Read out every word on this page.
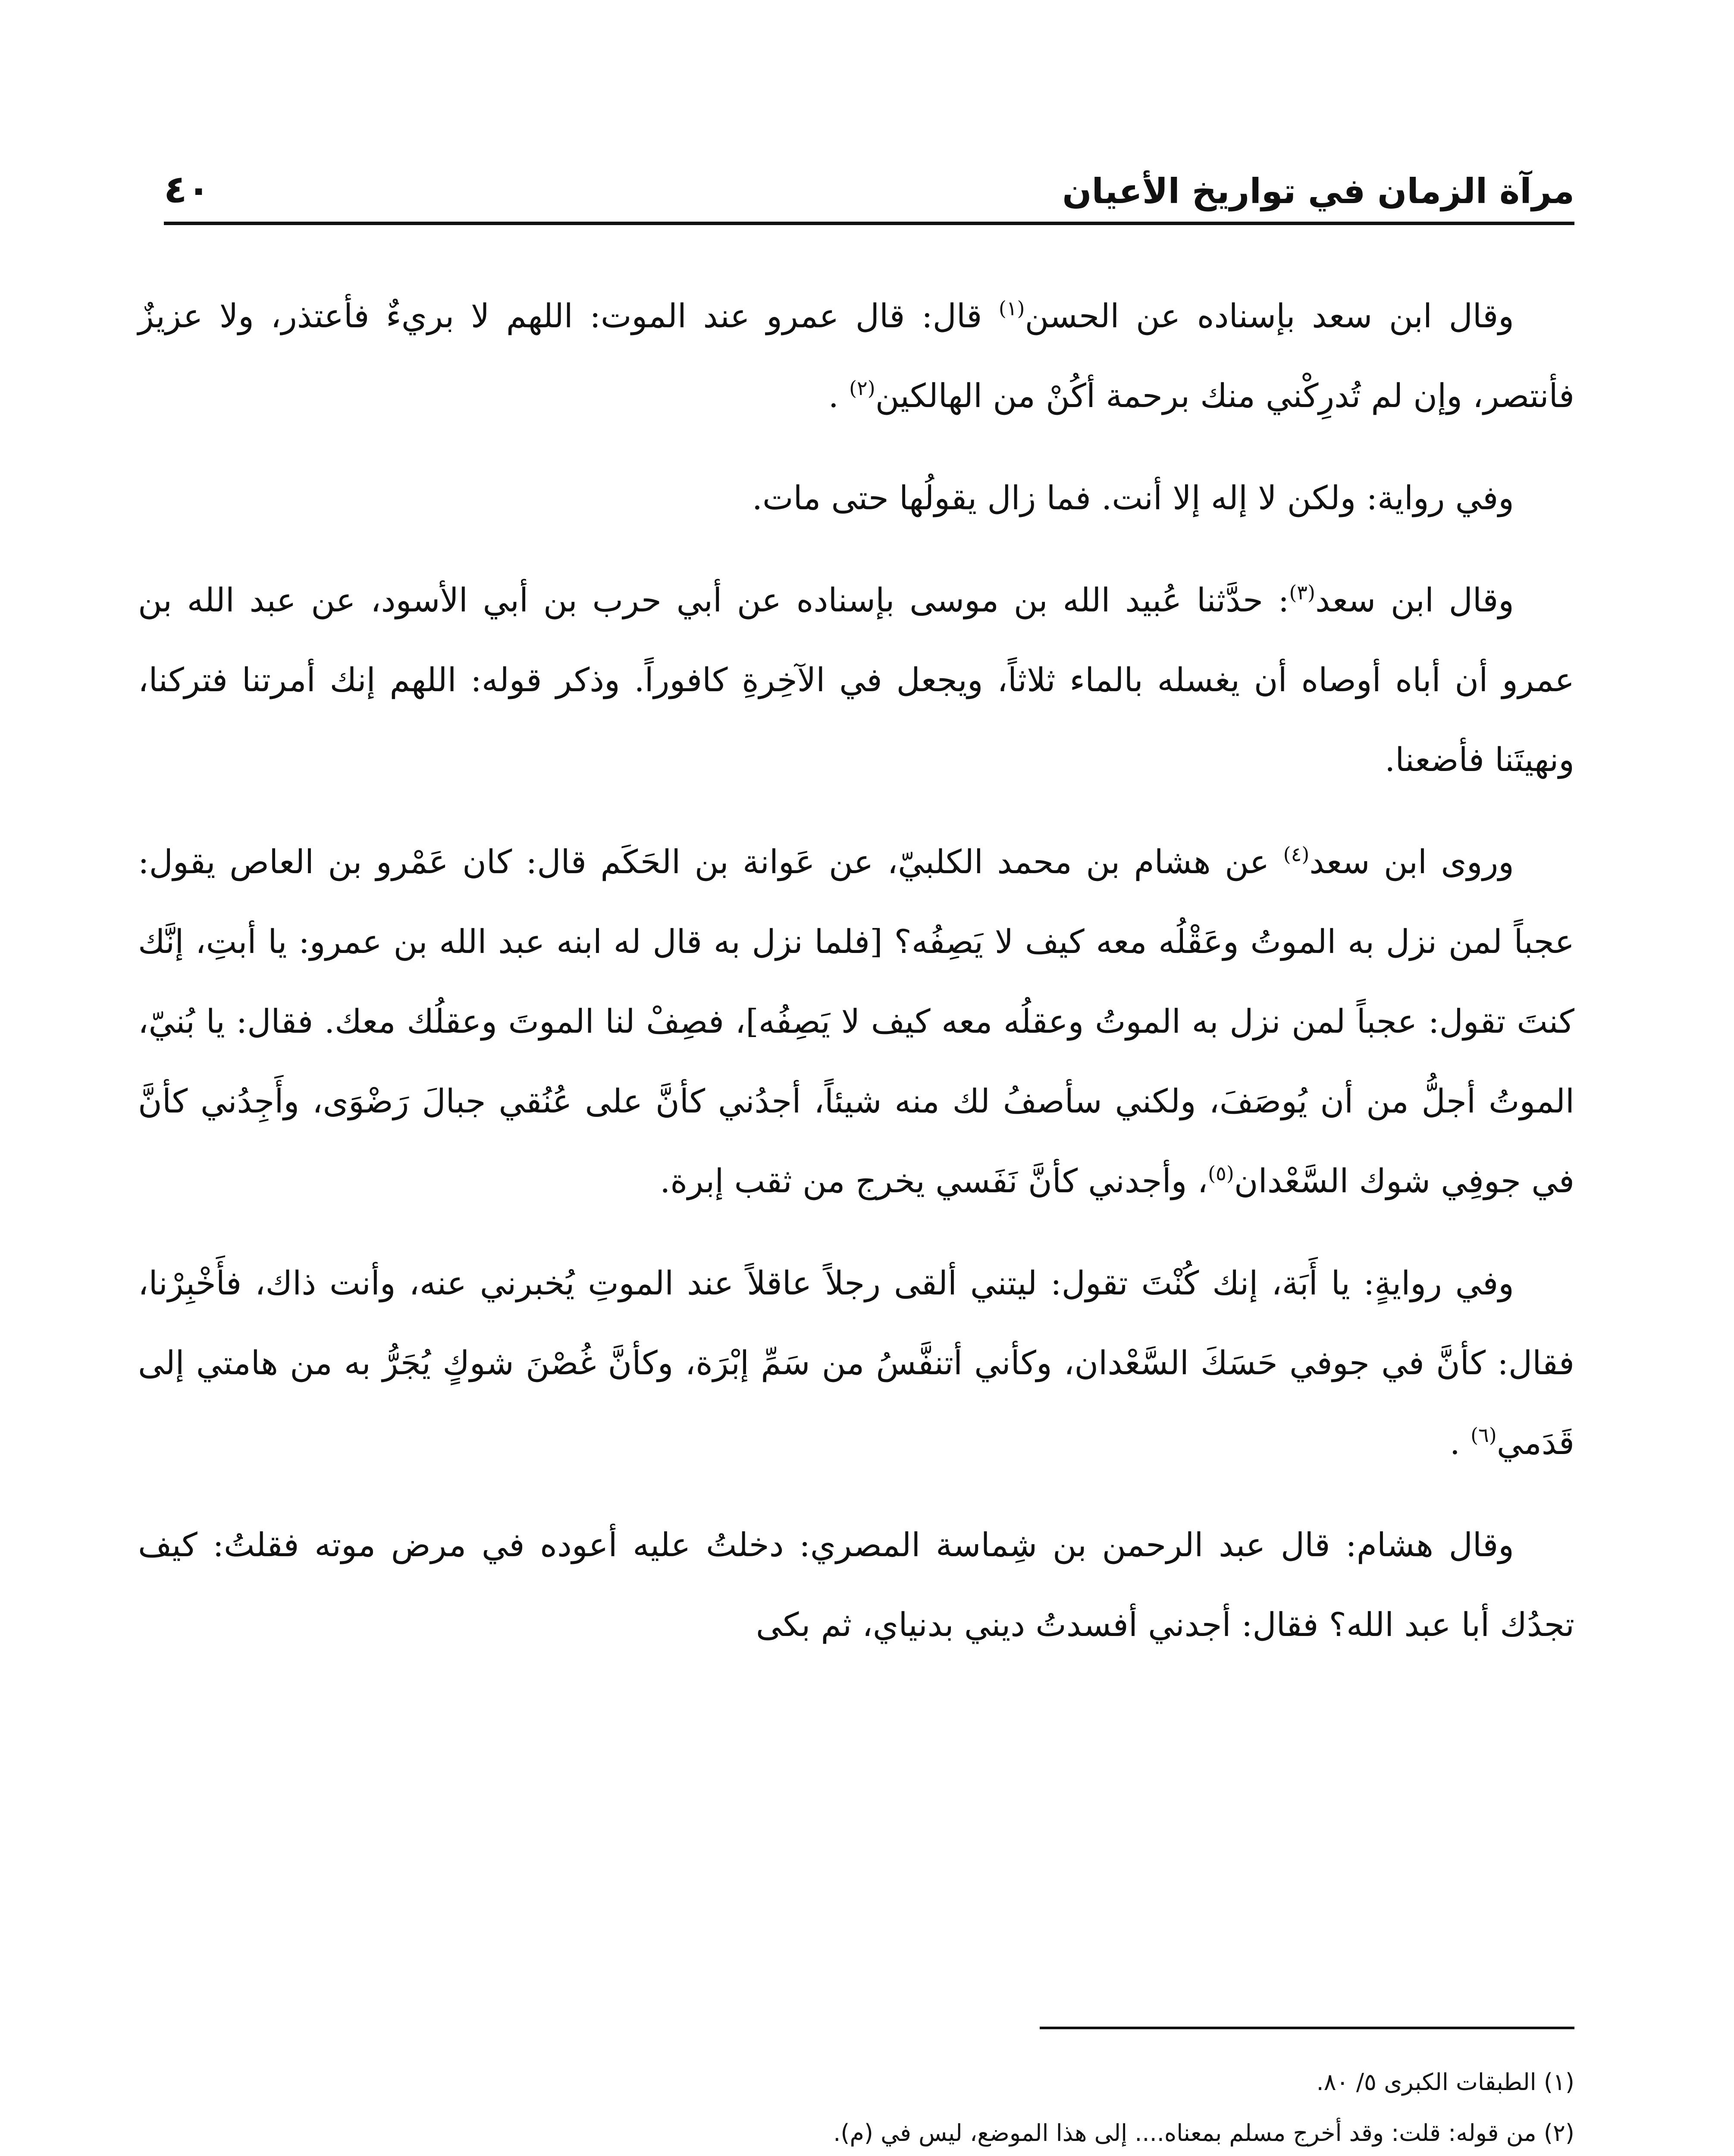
مرآة الزمان في تواريخ الأعيان
٤٠

وقال ابن سعد بإسناده عن الحسن$^{(١)}$ قال: قال عمرو عند الموت: اللهم لا بريءٌ فأعتذر، ولا عزيزٌ فأنتصر، وإن لم تُدرِكْني منك برحمة أكُنْ من الهالكين$^{(٢)}$ .

وفي رواية: ولكن لا إله إلا أنت. فما زال يقولُها حتى مات.

وقال ابن سعد$^{(٣)}$: حدَّثنا عُبيد الله بن موسى بإسناده عن أبي حرب بن أبي الأسود، عن عبد الله بن عمرو أن أباه أوصاه أن يغسله بالماء ثلاثاً، ويجعل في الآخِرةِ كافوراً. وذكر قوله: اللهم إنك أمرتنا فتركنا، ونهيتَنا فأضعنا.

وروى ابن سعد$^{(٤)}$ عن هشام بن محمد الكلبيّ، عن عَوانة بن الحَكَم قال: كان عَمْرو بن العاص يقول: عجباً لمن نزل به الموتُ وعَقْلُه معه كيف لا يَصِفُه؟ [فلما نزل به قال له ابنه عبد الله بن عمرو: يا أبتِ، إنَّك كنتَ تقول: عجباً لمن نزل به الموتُ وعقلُه معه كيف لا يَصِفُه]، فصِفْ لنا الموتَ وعقلُك معك. فقال: يا بُنيّ، الموتُ أجلُّ من أن يُوصَفَ، ولكني سأصفُ لك منه شيئاً، أجدُني كأنَّ على عُنُقي جبالَ رَضْوَى، وأَجِدُني كأنَّ في جوفِي شوك السَّعْدان$^{(٥)}$، وأجدني كأنَّ نَفَسي يخرج من ثقب إبرة.

وفي روايةٍ: يا أَبَة، إنك كُنْتَ تقول: ليتني ألقى رجلاً عاقلاً عند الموتِ يُخبرني عنه، وأنت ذاك، فأَخْبِرْنا، فقال: كأنَّ في جوفي حَسَكَ السَّعْدان، وكأني أتنفَّسُ من سَمِّ إبْرَة، وكأنَّ غُصْنَ شوكٍ يُجَرُّ به من هامتي إلى قَدَمي$^{(٦)}$ .

وقال هشام: قال عبد الرحمن بن شِماسة المصري: دخلتُ عليه أعوده في مرض موته فقلتُ: كيف تجدُك أبا عبد الله؟ فقال: أجدني أفسدتُ ديني بدنياي، ثم بكى

(١) الطبقات الكبرى ٥/ ٨٠.

(٢) من قوله: قلت: وقد أخرج مسلم بمعناه.... إلى هذا الموضع، ليس في (م).
